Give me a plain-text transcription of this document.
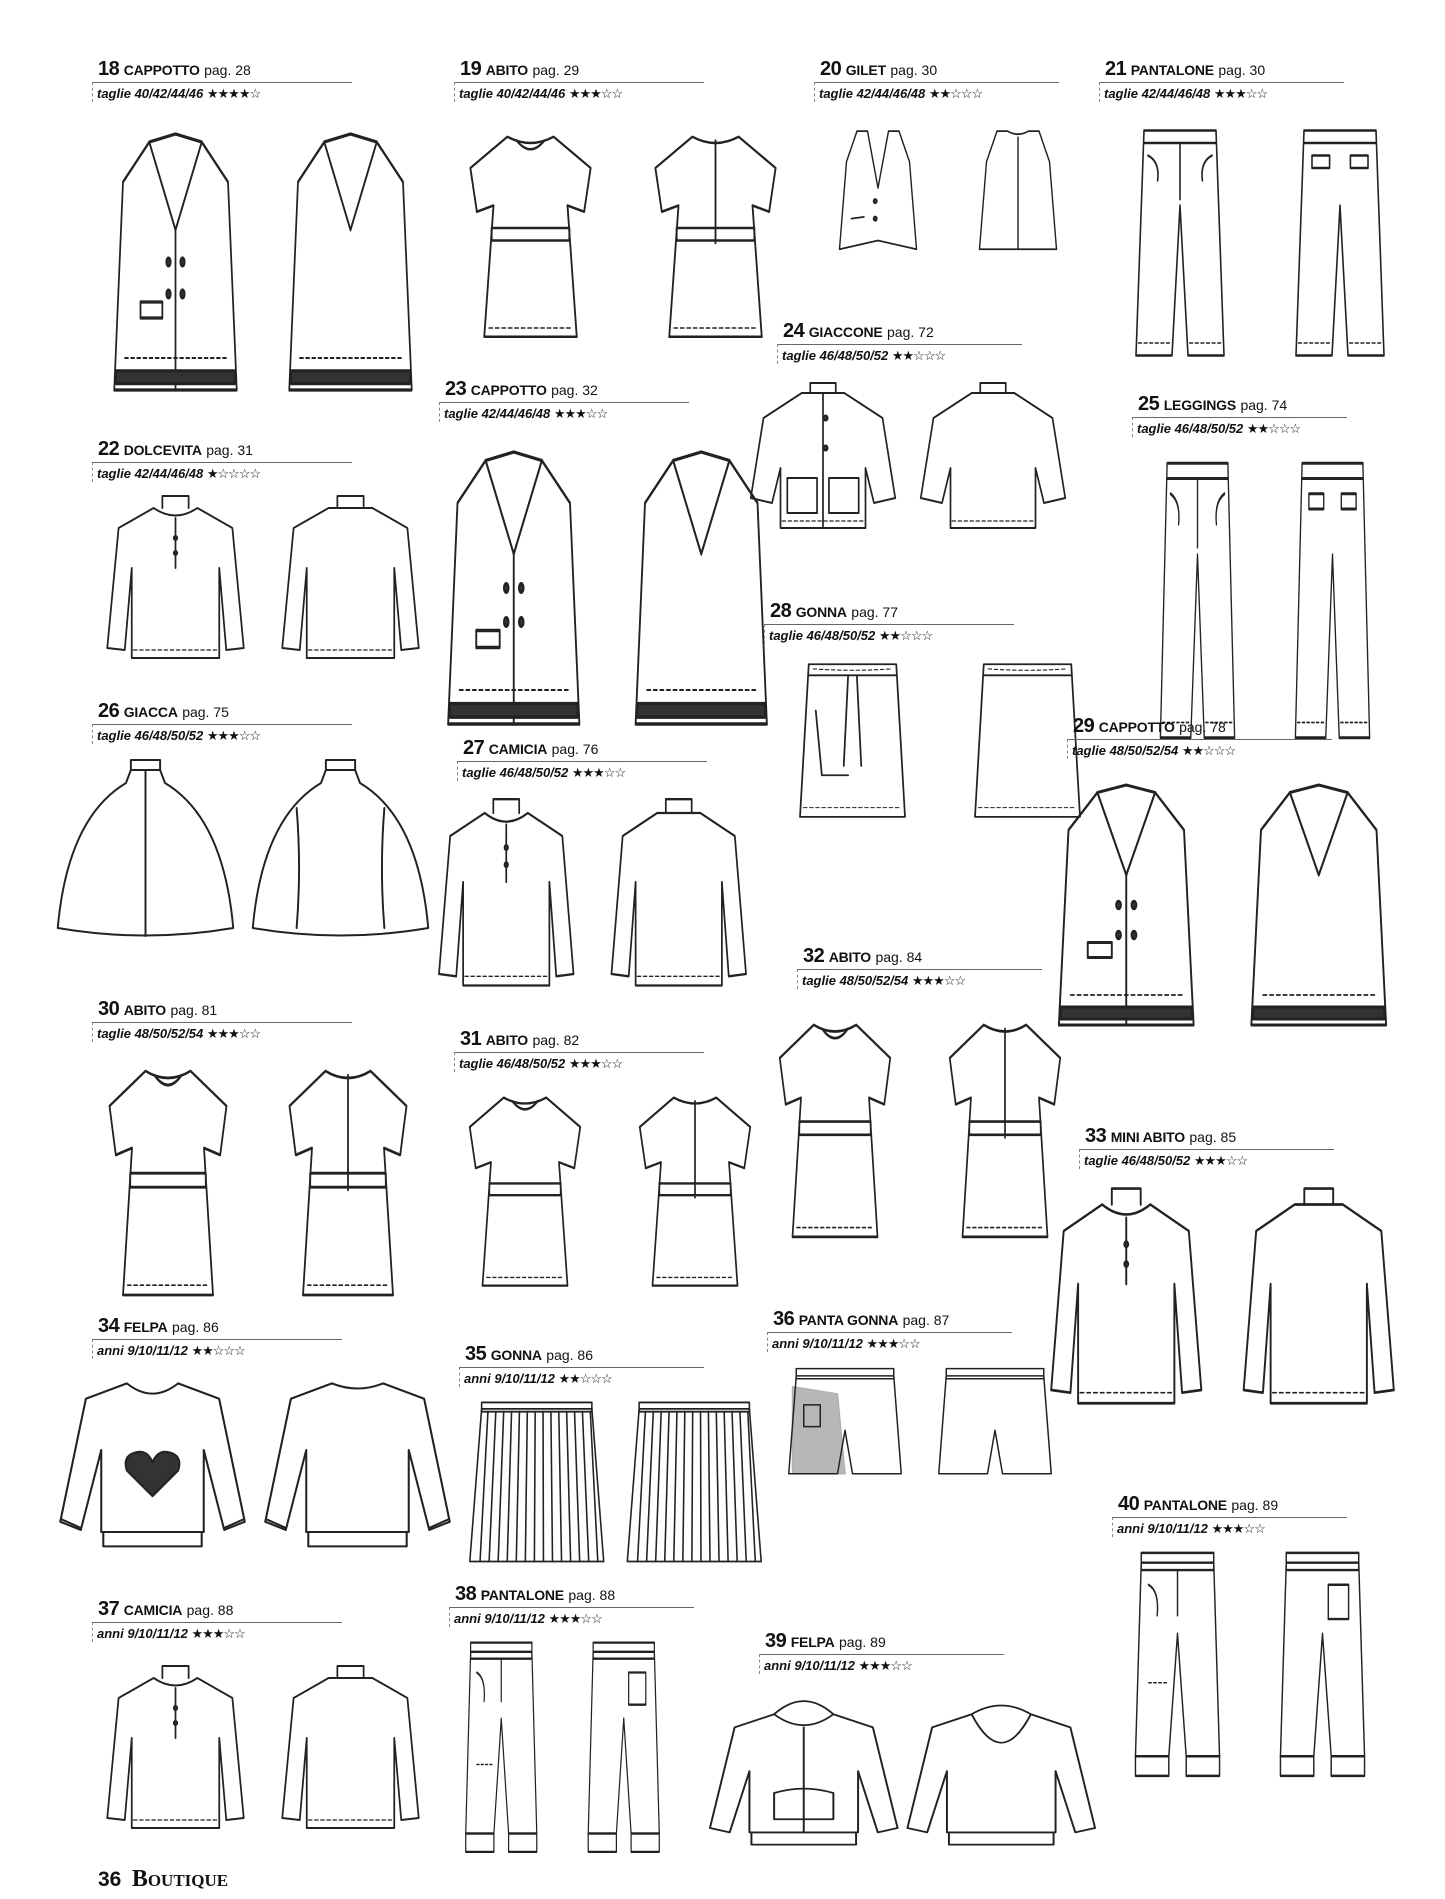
18 CAPPOTTO pag. 28
taglie 40/42/44/46 ★★★★☆
19 ABITO pag. 29
taglie 40/42/44/46 ★★★☆☆
20 GILET pag. 30
taglie 42/44/46/48 ★★☆☆☆
21 PANTALONE pag. 30
taglie 42/44/46/48 ★★★☆☆
22 DOLCEVITA pag. 31
taglie 42/44/46/48 ★☆☆☆☆
23 CAPPOTTO pag. 32
taglie 42/44/46/48 ★★★☆☆
24 GIACCONE pag. 72
taglie 46/48/50/52 ★★☆☆☆
25 LEGGINGS pag. 74
taglie 46/48/50/52 ★★☆☆☆
26 GIACCA pag. 75
taglie 46/48/50/52 ★★★☆☆
27 CAMICIA pag. 76
taglie 46/48/50/52 ★★★☆☆
28 GONNA pag. 77
taglie 46/48/50/52 ★★☆☆☆
29 CAPPOTTO pag. 78
taglie 48/50/52/54 ★★☆☆☆
30 ABITO pag. 81
taglie 48/50/52/54 ★★★☆☆	31 ABITO pag. 82
taglie 46/48/50/52 ★★★☆☆
32 ABITO pag. 84
taglie 48/50/52/54 ★★★☆☆
33 MINI ABITO pag. 85
taglie 46/48/50/52 ★★★☆☆
34 FELPA pag. 86
anni 9/10/11/12 ★★☆☆☆	35 GONNA pag. 86
anni 9/10/11/12 ★★☆☆☆
36 PANTA GONNA pag. 87
anni 9/10/11/12 ★★★☆☆
37 CAMICIA pag. 88
anni 9/10/11/12 ★★★☆☆
38 PANTALONE pag. 88
anni 9/10/11/12 ★★★☆☆
39 FELPA pag. 89
anni 9/10/11/12 ★★★☆☆
40 PANTALONE pag. 89
anni 9/10/11/12 ★★★☆☆
36 Boutique
